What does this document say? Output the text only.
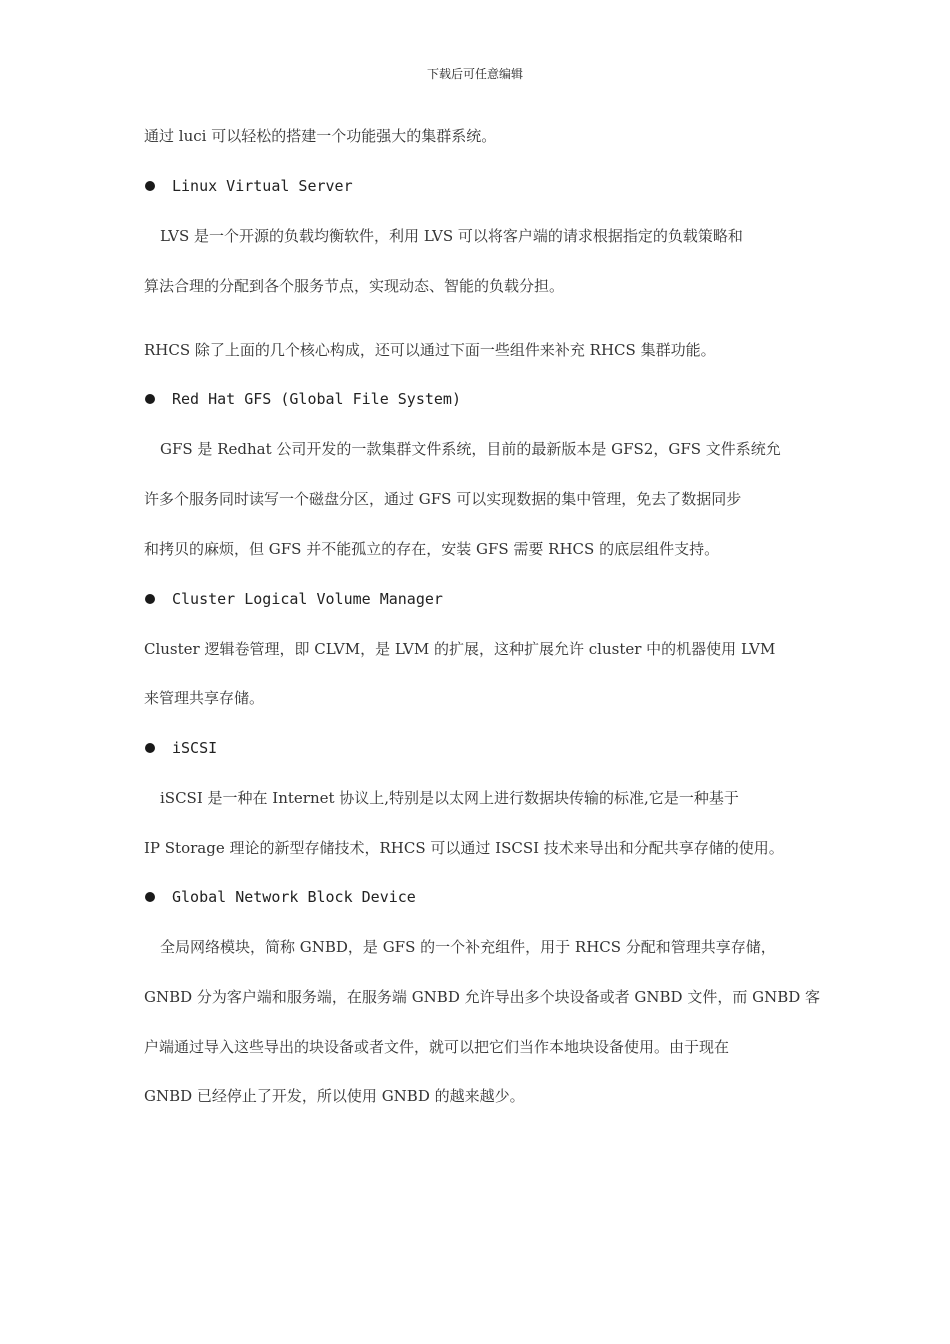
下载后可任意编辑
通过 luci 可以轻松的搭建一个功能强大的集群系统。
Linux Virtual Server
LVS 是一个开源的负载均衡软件，利用 LVS 可以将客户端的请求根据指定的负载策略和
算法合理的分配到各个服务节点，实现动态、智能的负载分担。
RHCS 除了上面的几个核心构成，还可以通过下面一些组件来补充 RHCS 集群功能。
Red Hat GFS (Global File System)
GFS 是 Redhat 公司开发的一款集群文件系统，目前的最新版本是 GFS2，GFS 文件系统允
许多个服务同时读写一个磁盘分区，通过 GFS 可以实现数据的集中管理，免去了数据同步
和拷贝的麻烦，但 GFS 并不能孤立的存在，安装 GFS 需要 RHCS 的底层组件支持。
Cluster Logical Volume Manager
Cluster 逻辑卷管理，即 CLVM，是 LVM 的扩展，这种扩展允许 cluster 中的机器使用 LVM
来管理共享存储。
iSCSI
iSCSI 是一种在 Internet 协议上,特别是以太网上进行数据块传输的标准,它是一种基于
IP Storage 理论的新型存储技术，RHCS 可以通过 ISCSI 技术来导出和分配共享存储的使用。
Global Network Block Device
全局网络模块，简称 GNBD，是 GFS 的一个补充组件，用于 RHCS 分配和管理共享存储，
GNBD 分为客户端和服务端，在服务端 GNBD 允许导出多个块设备或者 GNBD 文件，而 GNBD 客
户端通过导入这些导出的块设备或者文件，就可以把它们当作本地块设备使用。由于现在
GNBD 已经停止了开发，所以使用 GNBD 的越来越少。
